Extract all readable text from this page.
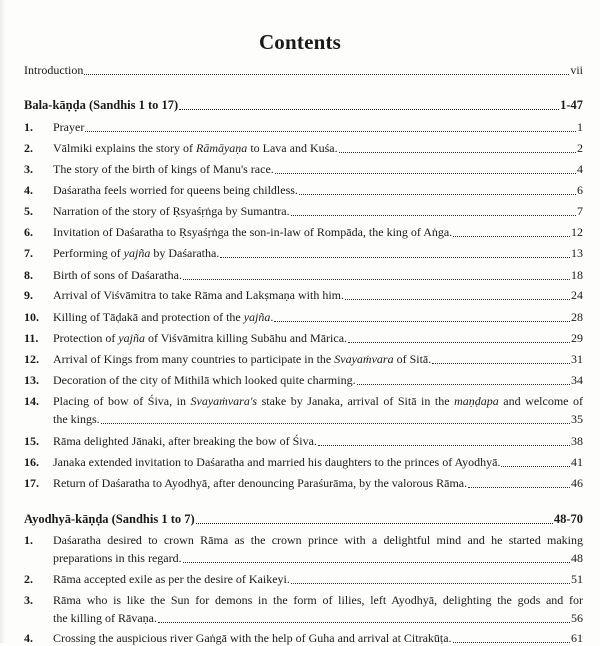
Contents
Introduction	vii
Bala-kāṇḍa (Sandhis 1 to 17)	1-47
1.	Prayer	1
2.	Vālmiki explains the story of Rāmāyaṇa to Lava and Kuśa.	2
3.	The story of the birth of kings of Manu's race.	4
4.	Daśaratha feels worried for queens being childless.	6
5.	Narration of the story of Ṛsyaśṛṅga by Sumantra.	7
6.	Invitation of Daśaratha to Ṛsyaśṛṅga the son-in-law of Rompāda, the king of Aṅga.	12
7.	Performing of yajña by Daśaratha.	13
8.	Birth of sons of Daśaratha.	18
9.	Arrival of Viśvāmitra to take Rāma and Lakṣmaṇa with him.	24
10.	Killing of Tāḍakā and protection of the yajña.	28
11.	Protection of yajña of Viśvāmitra killing Subāhu and Mārica.	29
12.	Arrival of Kings from many countries to participate in the Svayaṁvara of Sitā.	31
13.	Decoration of the city of Mithilā which looked quite charming.	34
14.	Placing of bow of Śiva, in Svayaṁvara's stake by Janaka, arrival of Sitā in the maṇḍapa and welcome of
the kings.	35
15.	Rāma delighted Jānaki, after breaking the bow of Śiva.	38
16.	Janaka extended invitation to Daśaratha and married his daughters to the princes of Ayodhyā.	41
17.	Return of Daśaratha to Ayodhyā, after denouncing Paraśurāma, by the valorous Rāma.	46
Ayodhyā-kāṇḍa (Sandhis 1 to 7)	48-70
1.	Daśaratha desired to crown Rāma as the crown prince with a delightful mind and he started making
preparations in this regard.	48
2.	Rāma accepted exile as per the desire of Kaikeyi.	51
3.	Rāma who is like the Sun for demons in the form of lilies, left Ayodhyā, delighting the gods and for
the killing of Rāvaṇa.	56
4.	Crossing the auspicious river Gaṅgā with the help of Guha and arrival at Citrakūṭa.	61
